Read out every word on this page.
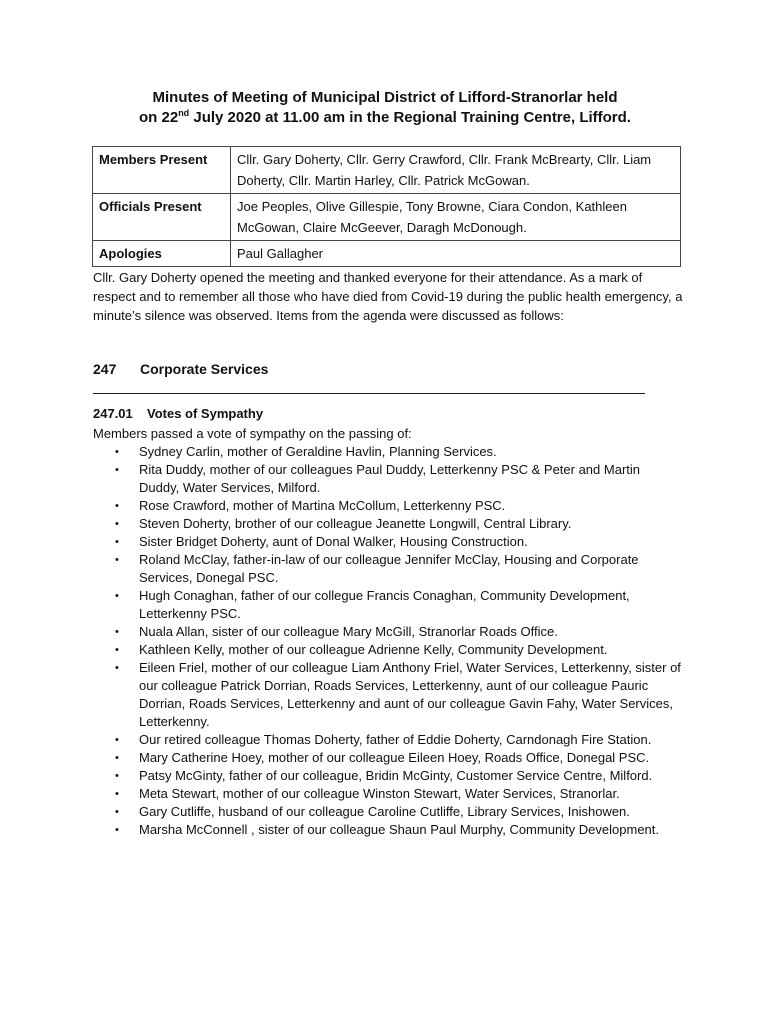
Minutes of Meeting of Municipal District of Lifford-Stranorlar held
on 22nd July 2020 at 11.00 am in the Regional Training Centre, Lifford.
Members Present	Cllr. Gary Doherty, Cllr. Gerry Crawford, Cllr. Frank McBrearty, Cllr. Liam Doherty, Cllr. Martin Harley, Cllr. Patrick McGowan.
Officials Present	Joe Peoples, Olive Gillespie, Tony Browne, Ciara Condon, Kathleen McGowan, Claire McGeever, Daragh McDonough.
Apologies	Paul Gallagher
Cllr. Gary Doherty opened the meeting and thanked everyone for their attendance. As a mark of respect and to remember all those who have died from Covid-19 during the public health emergency, a minute’s silence was observed. Items from the agenda were discussed as follows:
247 Corporate Services
247.01 Votes of Sympathy
Members passed a vote of sympathy on the passing of:
• Sydney Carlin, mother of Geraldine Havlin, Planning Services.
• Rita Duddy, mother of our colleagues Paul Duddy, Letterkenny PSC & Peter and Martin Duddy, Water Services, Milford.
• Rose Crawford, mother of Martina McCollum, Letterkenny PSC.
• Steven Doherty, brother of our colleague Jeanette Longwill, Central Library.
• Sister Bridget Doherty, aunt of Donal Walker, Housing Construction.
• Roland McClay, father-in-law of our colleague Jennifer McClay, Housing and Corporate Services, Donegal PSC.
• Hugh Conaghan, father of our collegue Francis Conaghan, Community Development, Letterkenny PSC.
• Nuala Allan, sister of our colleague Mary McGill, Stranorlar Roads Office.
• Kathleen Kelly, mother of our colleague Adrienne Kelly, Community Development.
• Eileen Friel, mother of our colleague Liam Anthony Friel, Water Services, Letterkenny, sister of our colleague Patrick Dorrian, Roads Services, Letterkenny, aunt of our colleague Pauric Dorrian, Roads Services, Letterkenny and aunt of our colleague Gavin Fahy, Water Services, Letterkenny.
• Our retired colleague Thomas Doherty, father of Eddie Doherty, Carndonagh Fire Station.
• Mary Catherine Hoey, mother of our colleague Eileen Hoey, Roads Office, Donegal PSC.
• Patsy McGinty, father of our colleague, Bridin McGinty, Customer Service Centre, Milford.
• Meta Stewart, mother of our colleague Winston Stewart, Water Services, Stranorlar.
• Gary Cutliffe, husband of our colleague Caroline Cutliffe, Library Services, Inishowen.
• Marsha McConnell , sister of our colleague Shaun Paul Murphy, Community Development.
